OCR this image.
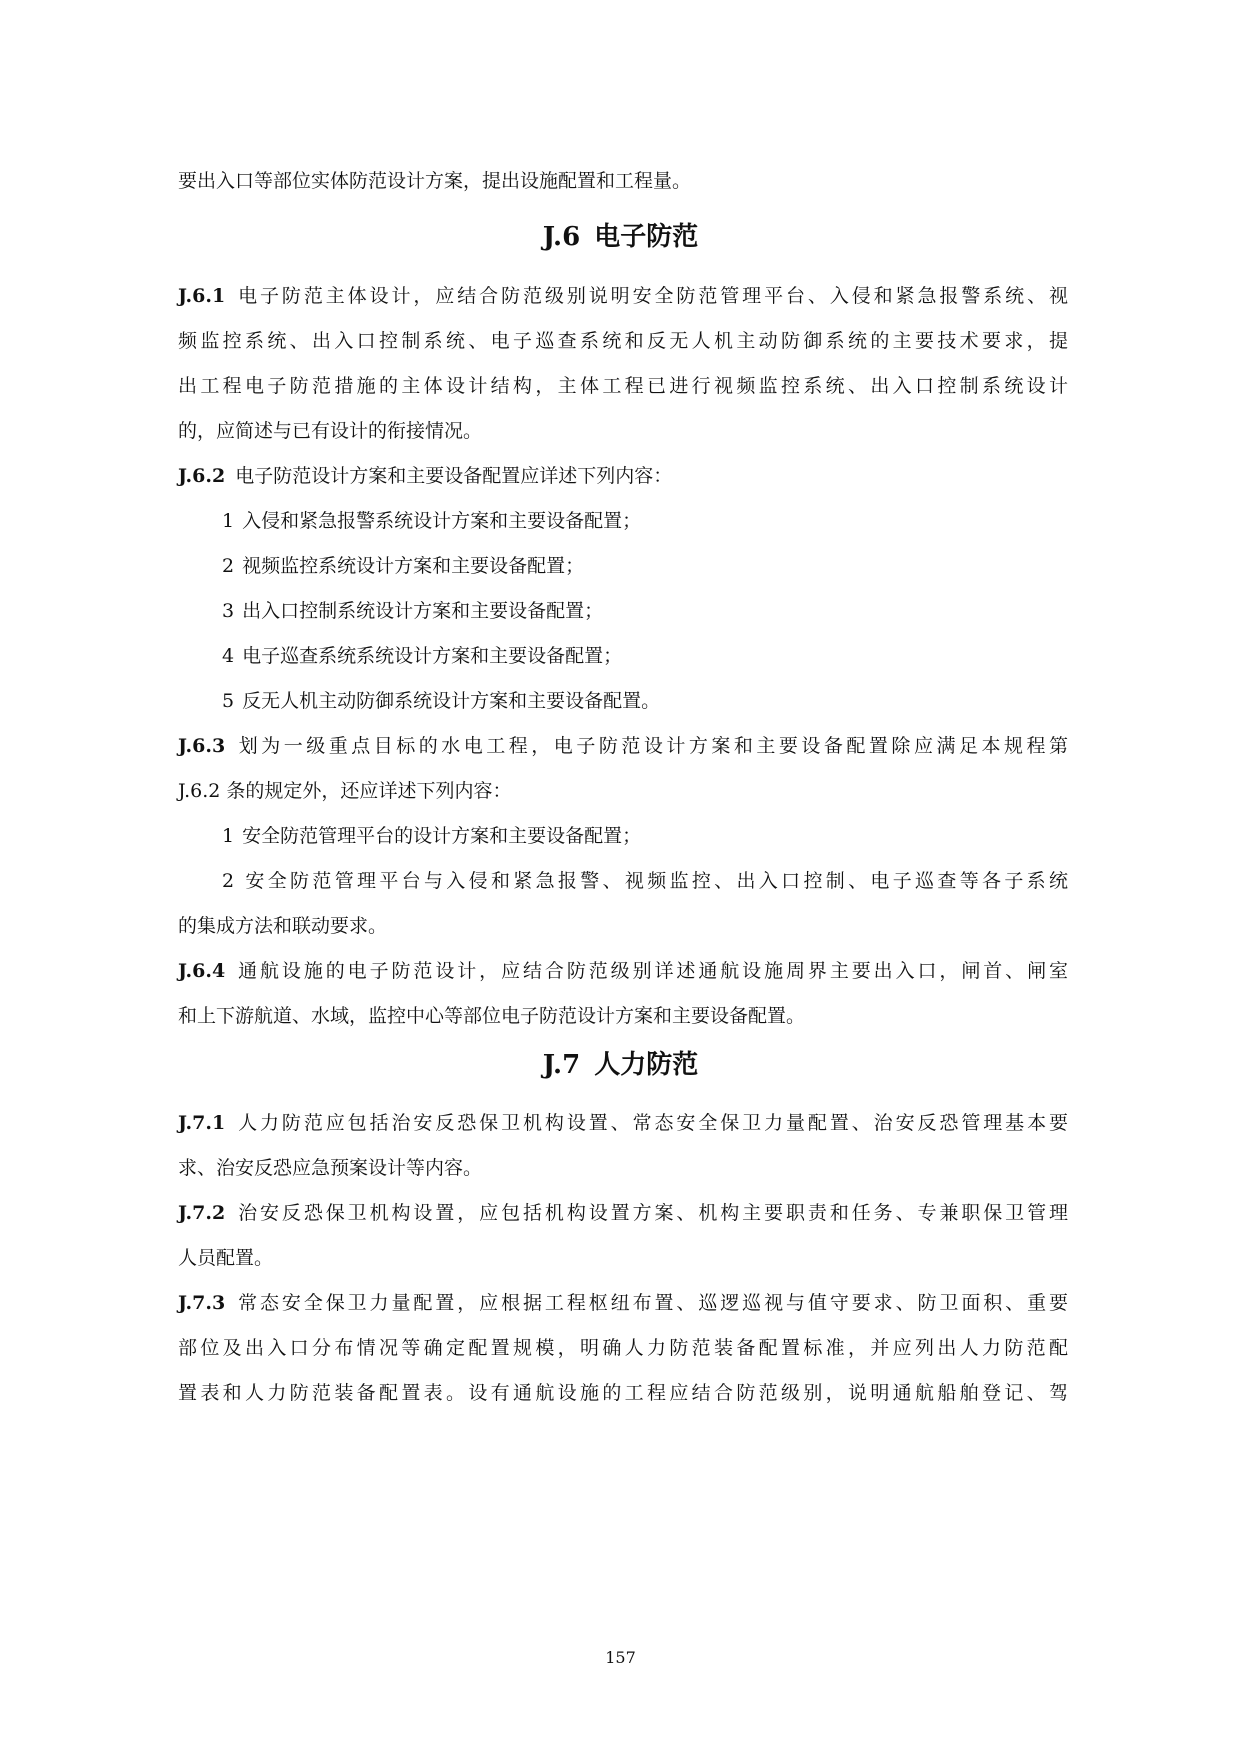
要出入口等部位实体防范设计方案，提出设施配置和工程量。
J.6 电子防范
J.6.1 电子防范主体设计，应结合防范级别说明安全防范管理平台、入侵和紧急报警系统、视
频监控系统、出入口控制系统、电子巡查系统和反无人机主动防御系统的主要技术要求，提
出工程电子防范措施的主体设计结构，主体工程已进行视频监控系统、出入口控制系统设计
的，应简述与已有设计的衔接情况。
J.6.2 电子防范设计方案和主要设备配置应详述下列内容：
1 入侵和紧急报警系统设计方案和主要设备配置；
2 视频监控系统设计方案和主要设备配置；
3 出入口控制系统设计方案和主要设备配置；
4 电子巡查系统系统设计方案和主要设备配置；
5 反无人机主动防御系统设计方案和主要设备配置。
J.6.3 划为一级重点目标的水电工程，电子防范设计方案和主要设备配置除应满足本规程第
J.6.2 条的规定外，还应详述下列内容：
1 安全防范管理平台的设计方案和主要设备配置；
2 安全防范管理平台与入侵和紧急报警、视频监控、出入口控制、电子巡查等各子系统
的集成方法和联动要求。
J.6.4 通航设施的电子防范设计，应结合防范级别详述通航设施周界主要出入口，闸首、闸室
和上下游航道、水域，监控中心等部位电子防范设计方案和主要设备配置。
J.7 人力防范
J.7.1 人力防范应包括治安反恐保卫机构设置、常态安全保卫力量配置、治安反恐管理基本要
求、治安反恐应急预案设计等内容。
J.7.2 治安反恐保卫机构设置，应包括机构设置方案、机构主要职责和任务、专兼职保卫管理
人员配置。
J.7.3 常态安全保卫力量配置，应根据工程枢纽布置、巡逻巡视与值守要求、防卫面积、重要
部位及出入口分布情况等确定配置规模，明确人力防范装备配置标准，并应列出人力防范配
置表和人力防范装备配置表。设有通航设施的工程应结合防范级别，说明通航船舶登记、驾
157
